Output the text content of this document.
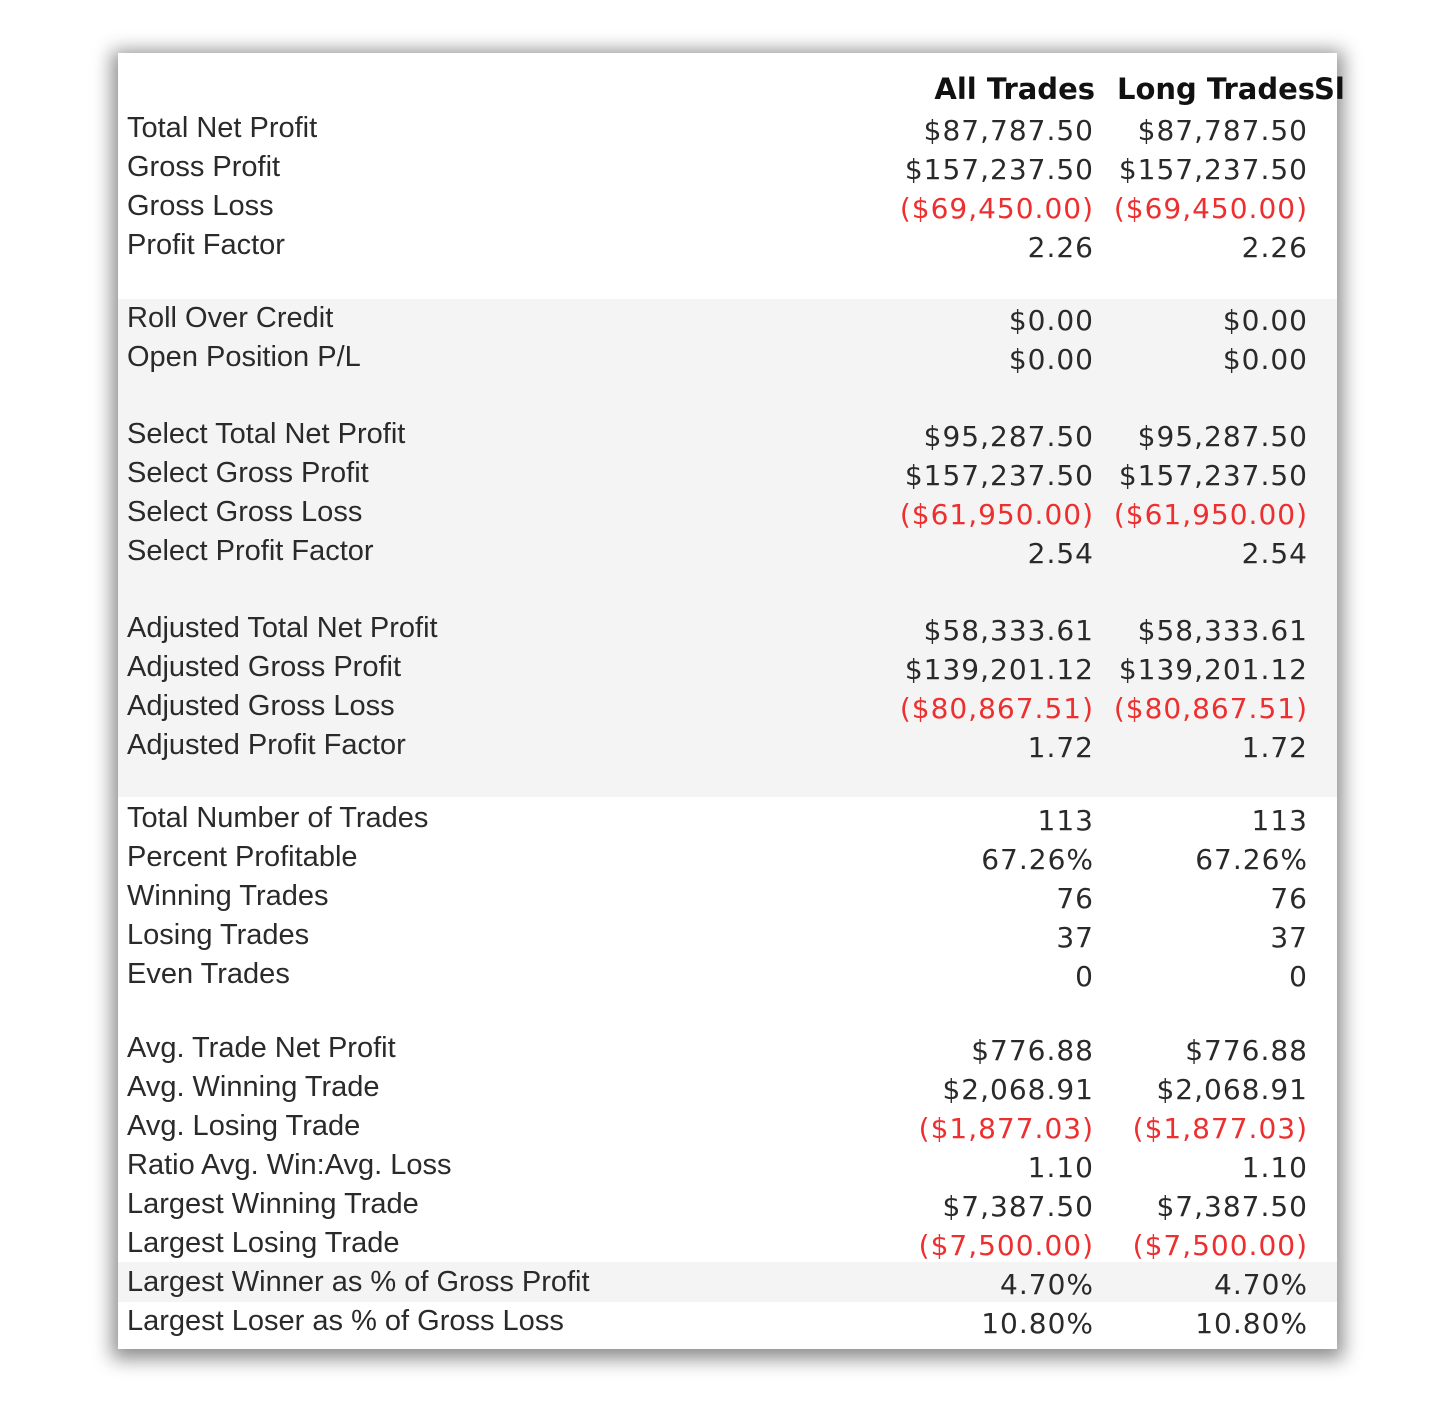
All Trades Long Trades
Sl
Total Net Profit	$87,787.50 $87,787.50
Gross Profit	$157,237.50 $157,237.50
Gross Loss	($69,450.00) ($69,450.00)
Profit Factor	2.26	2.26
Roll Over Credit	$0.00	$0.00
Open Position P/L	$0.00	$0.00
Select Total Net Profit	$95,287.50 $95,287.50
Select Gross Profit	$157,237.50 $157,237.50
Select Gross Loss	($61,950.00) ($61,950.00)
Select Profit Factor	2.54	2.54
Adjusted Total Net Profit	$58,333.61 $58,333.61
Adjusted Gross Profit	$139,201.12 $139,201.12
Adjusted Gross Loss	($80,867.51) ($80,867.51)
Adjusted Profit Factor	1.72	1.72
Total Number of Trades	113	113
Percent Profitable	67.26%	67.26%
Winning Trades	76	76
Losing Trades	37	37
Even Trades	0	0
Avg. Trade Net Profit	$776.88	$776.88
Avg. Winning Trade	$2,068.91 $2,068.91
Avg. Losing Trade	($1,877.03) ($1,877.03)
Ratio Avg. Win:Avg. Loss	1.10	1.10
Largest Winning Trade	$7,387.50 $7,387.50
Largest Losing Trade	($7,500.00) ($7,500.00)
Largest Winner as % of Gross Profit	4.70%	4.70%
Largest Loser as % of Gross Loss	10.80%	10.80%
